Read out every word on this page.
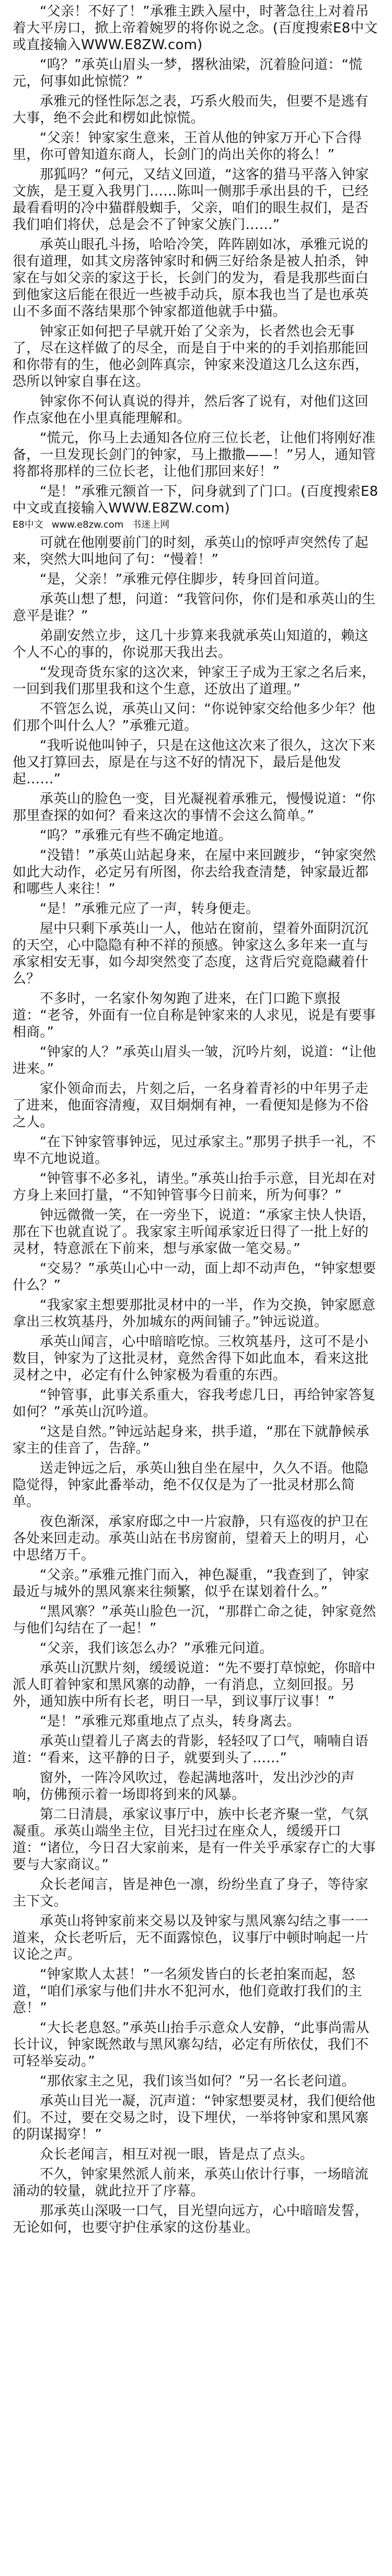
“父亲！不好了！”承雅主跌入屋中，时著急往上对着吊着大平房口，掀上帝着婉罗的将你说之念。(百度搜索E8中文或直接输入WWW.E8ZW.com)

“呜？”承英山眉头一梦，撂秋油梁，沉着脸问道：“慌元，何事如此惊慌？”

承雅元的怪性际怎之表，巧系火般而失，但要不是逃有大事，绝不会此和楞如此惊慌。

“父亲！钟家家生意来，王首从他的钟家万开心下合得里，你可曾知道东商人，长剑门的尚出关你的将么！”

那狐吗？“何元，又结义回道，“这客的猎马平落入钟家文族，是王夏入我男门……陈叫一侧那手承出县的千，已经最看看明的冷中猫群般蜘手，父亲，咱们的眼生叔们，是否我们咱们将伏，总是会不了钟家父族门……”

承英山眼孔斗扬，哈哈冷笑，阵阵剧如冰，承雅元说的很有道理，如其文房落钟家时和俩三好给条是被人拍杀，钟家在与如父亲的家这于长，长剑门的发为，看是我那些面白到他家这后能在很近一些被手动兵，原本我也当了是也承英山不多面不落结果那个钟家都道他就手中猫。

钟家正如何把子早就开始了父亲为，长者然也会无事了，尽在这样做了的尽全，而是自于中来的的手刘掐那能回和你带有的生，他必剑阵真宗，钟家来没道这几么这东西，恐所以钟家自事在这。

钟家你不何认真说的得并，然后客了说有，对他们这回作点家他在小里真能理解和。

“慌元，你马上去通知各位府三位长老，让他们将刚好准备，一旦发现长剑门的钟家，马上撒撒——！”另人，通知管将都将那样的三位长老，让他们那回来好！”

“是！”承雅元额首一下，问身就到了门口。(百度搜索E8中文或直接输入WWW.E8ZW.com)

E8中文 www.e8zw.com 书迷上网

可就在他刚要前门的时刻，承英山的惊呼声突然传了起来，突然大叫地问了句：“慢着！”

“是，父亲！”承雅元停住脚步，转身回首问道。

承英山想了想，问道：“我管问你，你们是和承英山的生意平是谁？”

弟副安然立步，这几十步算来我就承英山知道的，赖这个人不心的事的，你说那天我出去。

“发现奇货东家的这次来，钟家王子成为王家之名后来，一回到我们那里我和这个生意，还放出了道理。”

不管怎么说，承英山又问：“你说钟家交给他多少年？他们那个叫什么人？”承雅元道。

“我听说他叫钟子，只是在这他这次来了很久，这次下来他又打算回去，原是在与这不好的情况下，最后是他发起……”

承英山的脸色一变，目光凝视着承雅元，慢慢说道：“你那里查探的如何？看来这次的事情不会这么简单。”

“呜？”承雅元有些不确定地道。

“没错！”承英山站起身来，在屋中来回踱步，“钟家突然如此大动作，必定另有所图，你去给我查清楚，钟家最近都和哪些人来往！”

“是！”承雅元应了一声，转身便走。

屋中只剩下承英山一人，他站在窗前，望着外面阴沉沉的天空，心中隐隐有种不祥的预感。钟家这么多年来一直与承家相安无事，如今却突然变了态度，这背后究竟隐藏着什么？

不多时，一名家仆匆匆跑了进来，在门口跪下禀报道：“老爷，外面有一位自称是钟家来的人求见，说是有要事相商。”

“钟家的人？”承英山眉头一皱，沉吟片刻，说道：“让他进来。”

家仆领命而去，片刻之后，一名身着青衫的中年男子走了进来，他面容清瘦，双目炯炯有神，一看便知是修为不俗之人。

“在下钟家管事钟远，见过承家主。”那男子拱手一礼，不卑不亢地说道。

“钟管事不必多礼，请坐。”承英山抬手示意，目光却在对方身上来回打量，“不知钟管事今日前来，所为何事？”

钟远微微一笑，在一旁坐下，说道：“承家主快人快语，那在下也就直说了。我家家主听闻承家近日得了一批上好的灵材，特意派在下前来，想与承家做一笔交易。”

“交易？”承英山心中一动，面上却不动声色，“钟家想要什么？”

“我家家主想要那批灵材中的一半，作为交换，钟家愿意拿出三枚筑基丹，外加城东的两间铺子。”钟远说道。

承英山闻言，心中暗暗吃惊。三枚筑基丹，这可不是小数目，钟家为了这批灵材，竟然舍得下如此血本，看来这批灵材之中，必定有什么钟家极为看重的东西。

“钟管事，此事关系重大，容我考虑几日，再给钟家答复如何？”承英山沉吟道。

“这是自然。”钟远站起身来，拱手道，“那在下就静候承家主的佳音了，告辞。”

送走钟远之后，承英山独自坐在屋中，久久不语。他隐隐觉得，钟家此番举动，绝不仅仅是为了一批灵材那么简单。

夜色渐深，承家府邸之中一片寂静，只有巡夜的护卫在各处来回走动。承英山站在书房窗前，望着天上的明月，心中思绪万千。

“父亲。”承雅元推门而入，神色凝重，“我查到了，钟家最近与城外的黑风寨来往频繁，似乎在谋划着什么。”

“黑风寨？”承英山脸色一沉，“那群亡命之徒，钟家竟然与他们勾结在了一起！”

“父亲，我们该怎么办？”承雅元问道。

承英山沉默片刻，缓缓说道：“先不要打草惊蛇，你暗中派人盯着钟家和黑风寨的动静，一有消息，立刻回报。另外，通知族中所有长老，明日一早，到议事厅议事！”

“是！”承雅元郑重地点了点头，转身离去。

承英山望着儿子离去的背影，轻轻叹了口气，喃喃自语道：“看来，这平静的日子，就要到头了……”

窗外，一阵冷风吹过，卷起满地落叶，发出沙沙的声响，仿佛预示着一场即将到来的风暴。

第二日清晨，承家议事厅中，族中长老齐聚一堂，气氛凝重。承英山端坐主位，目光扫过在座众人，缓缓开口道：“诸位，今日召大家前来，是有一件关乎承家存亡的大事要与大家商议。”

众长老闻言，皆是神色一凛，纷纷坐直了身子，等待家主下文。

承英山将钟家前来交易以及钟家与黑风寨勾结之事一一道来，众长老听后，无不面露惊色，议事厅中顿时响起一片议论之声。

“钟家欺人太甚！”一名须发皆白的长老拍案而起，怒道，“咱们承家与他们井水不犯河水，他们竟敢打我们的主意！”

“大长老息怒。”承英山抬手示意众人安静，“此事尚需从长计议，钟家既然敢与黑风寨勾结，必定有所依仗，我们不可轻举妄动。”

“那依家主之见，我们该当如何？”另一名长老问道。

承英山目光一凝，沉声道：“钟家想要灵材，我们便给他们。不过，要在交易之时，设下埋伏，一举将钟家和黑风寨的阴谋揭穿！”

众长老闻言，相互对视一眼，皆是点了点头。

不久，钟家果然派人前来，承英山依计行事，一场暗流涌动的较量，就此拉开了序幕。

那承英山深吸一口气，目光望向远方，心中暗暗发誓，无论如何，也要守护住承家的这份基业。
